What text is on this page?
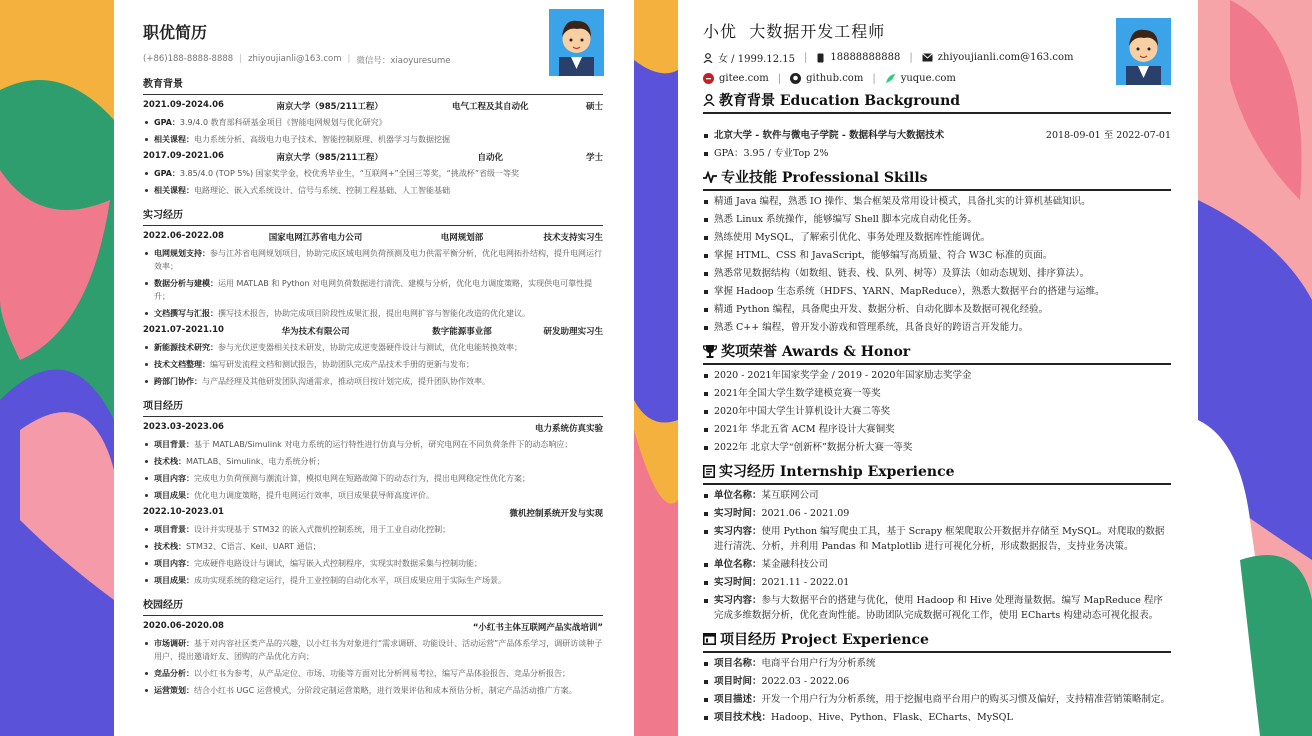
职优简历
(+86)188-8888-8888 | zhiyoujianli@163.com | 微信号：xiaoyuresume
教育背景
2021.09-2024.06	南京大学（985/211工程）	电气工程及其自动化	硕士
GPA：3.9/4.0 教育部科研基金项目《智能电网规划与优化研究》
相关课程：电力系统分析、高级电力电子技术、智能控制原理、机器学习与数据挖掘
2017.09-2021.06	南京大学（985/211工程）	自动化	学士
GPA：3.85/4.0 (TOP 5%) 国家奖学金，校优秀毕业生，“互联网+”全国三等奖，“挑战杯”省级一等奖
相关课程：电路理论、嵌入式系统设计、信号与系统、控制工程基础、人工智能基础
实习经历
2022.06-2022.08	国家电网江苏省电力公司	电网规划部	技术支持实习生
电网规划支持：参与江苏省电网规划项目，协助完成区域电网负荷预测及电力供需平衡分析，优化电网拓扑结构，提升电网运行效率；
数据分析与建模：运用 MATLAB 和 Python 对电网负荷数据进行清洗、建模与分析，优化电力调度策略，实现供电可靠性提升；
文档撰写与汇报：撰写技术报告，协助完成项目阶段性成果汇报，提出电网扩容与智能化改造的优化建议。
2021.07-2021.10	华为技术有限公司	数字能源事业部	研发助理实习生
新能源技术研究：参与光伏逆变器相关技术研发，协助完成逆变器硬件设计与测试，优化电能转换效率；
技术文档整理：编写研发流程文档和测试报告，协助团队完成产品技术手册的更新与发布；
跨部门协作：与产品经理及其他研发团队沟通需求，推动项目按计划完成，提升团队协作效率。
项目经历
2023.03-2023.06	电力系统仿真实验
项目背景：基于 MATLAB/Simulink 对电力系统的运行特性进行仿真与分析，研究电网在不同负荷条件下的动态响应；
技术栈：MATLAB、Simulink、电力系统分析；
项目内容：完成电力负荷预测与潮流计算，模拟电网在短路故障下的动态行为，提出电网稳定性优化方案；
项目成果：优化电力调度策略，提升电网运行效率，项目成果获导师高度评价。
2022.10-2023.01	微机控制系统开发与实现
项目背景：设计并实现基于 STM32 的嵌入式微机控制系统，用于工业自动化控制；
技术栈：STM32、C语言、Keil、UART 通信；
项目内容：完成硬件电路设计与调试，编写嵌入式控制程序，实现实时数据采集与控制功能；
项目成果：成功实现系统的稳定运行，提升工业控制的自动化水平，项目成果应用于实际生产场景。
校园经历
2020.06-2020.08	“小红书主体互联网产品实战培训”
市场调研：基于对内容社区类产品的兴趣，以小红书为对象进行“需求调研、功能设计、活动运营”产品体系学习，调研访谈种子用户，提出邀请好友、团购的产品优化方向；
竞品分析：以小红书为参考，从产品定位、市场、功能等方面对比分析网易考拉，编写产品体验报告、竞品分析报告；
运营策划：结合小红书 UGC 运营模式，分阶段定制运营策略，进行效果评估和成本预估分析，制定产品活动推广方案。
小优 大数据开发工程师
女 / 1999.12.15 | 18888888888 |	zhiyoujianli.com@163.com
gitee.com |	github.com |	yuque.com
教育背景 Education Background
北京大学 - 软件与微电子学院 - 数据科学与大数据技术	2018-09-01 至 2022-07-01
GPA：3.95 / 专业Top 2%
专业技能 Professional Skills
精通 Java 编程，熟悉 IO 操作、集合框架及常用设计模式，具备扎实的计算机基础知识。
熟悉 Linux 系统操作，能够编写 Shell 脚本完成自动化任务。
熟练使用 MySQL，了解索引优化、事务处理及数据库性能调优。
掌握 HTML、CSS 和 JavaScript，能够编写高质量、符合 W3C 标准的页面。
熟悉常见数据结构（如数组、链表、栈、队列、树等）及算法（如动态规划、排序算法）。
掌握 Hadoop 生态系统（HDFS、YARN、MapReduce），熟悉大数据平台的搭建与运维。
精通 Python 编程，具备爬虫开发、数据分析、自动化脚本及数据可视化经验。
熟悉 C++ 编程，曾开发小游戏和管理系统，具备良好的跨语言开发能力。
奖项荣誉 Awards & Honor
2020 - 2021年国家奖学金 / 2019 - 2020年国家励志奖学金
2021年全国大学生数学建模竞赛一等奖
2020年中国大学生计算机设计大赛二等奖
2021年 华北五省 ACM 程序设计大赛铜奖
2022年 北京大学“创新杯”数据分析大赛一等奖
实习经历 Internship Experience
单位名称：某互联网公司
实习时间：2021.06 - 2021.09
实习内容：使用 Python 编写爬虫工具，基于 Scrapy 框架爬取公开数据并存储至 MySQL。对爬取的数据进行清洗、分析，并利用 Pandas 和 Matplotlib 进行可视化分析，形成数据报告，支持业务决策。
单位名称：某金融科技公司
实习时间：2021.11 - 2022.01
实习内容：参与大数据平台的搭建与优化，使用 Hadoop 和 Hive 处理海量数据。编写 MapReduce 程序完成多维数据分析，优化查询性能。协助团队完成数据可视化工作，使用 ECharts 构建动态可视化报表。
项目经历 Project Experience
项目名称：电商平台用户行为分析系统
项目时间：2022.03 - 2022.06
项目描述：开发一个用户行为分析系统，用于挖掘电商平台用户的购买习惯及偏好，支持精准营销策略制定。
项目技术栈：Hadoop、Hive、Python、Flask、ECharts、MySQL
